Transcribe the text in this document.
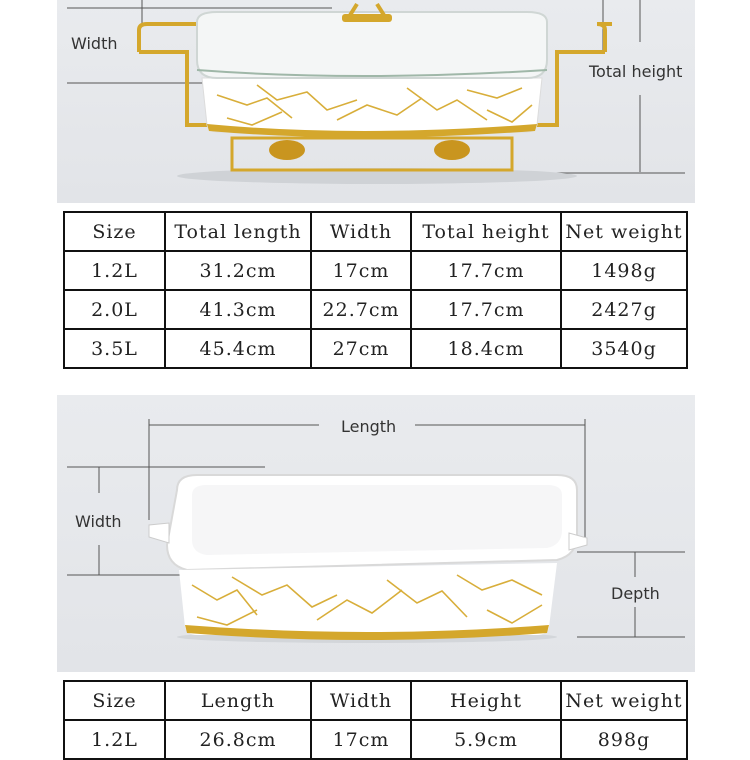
Width
Total height
Size	Total length	Width	Total height	Net weight
1.2L	31.2cm	17cm	17.7cm	1498g
2.0L	41.3cm	22.7cm	17.7cm	2427g
3.5L	45.4cm	27cm	18.4cm	3540g
Length
Width
Depth
Size	Length	Width	Height	Net weight
1.2L	26.8cm	17cm	5.9cm	898g
